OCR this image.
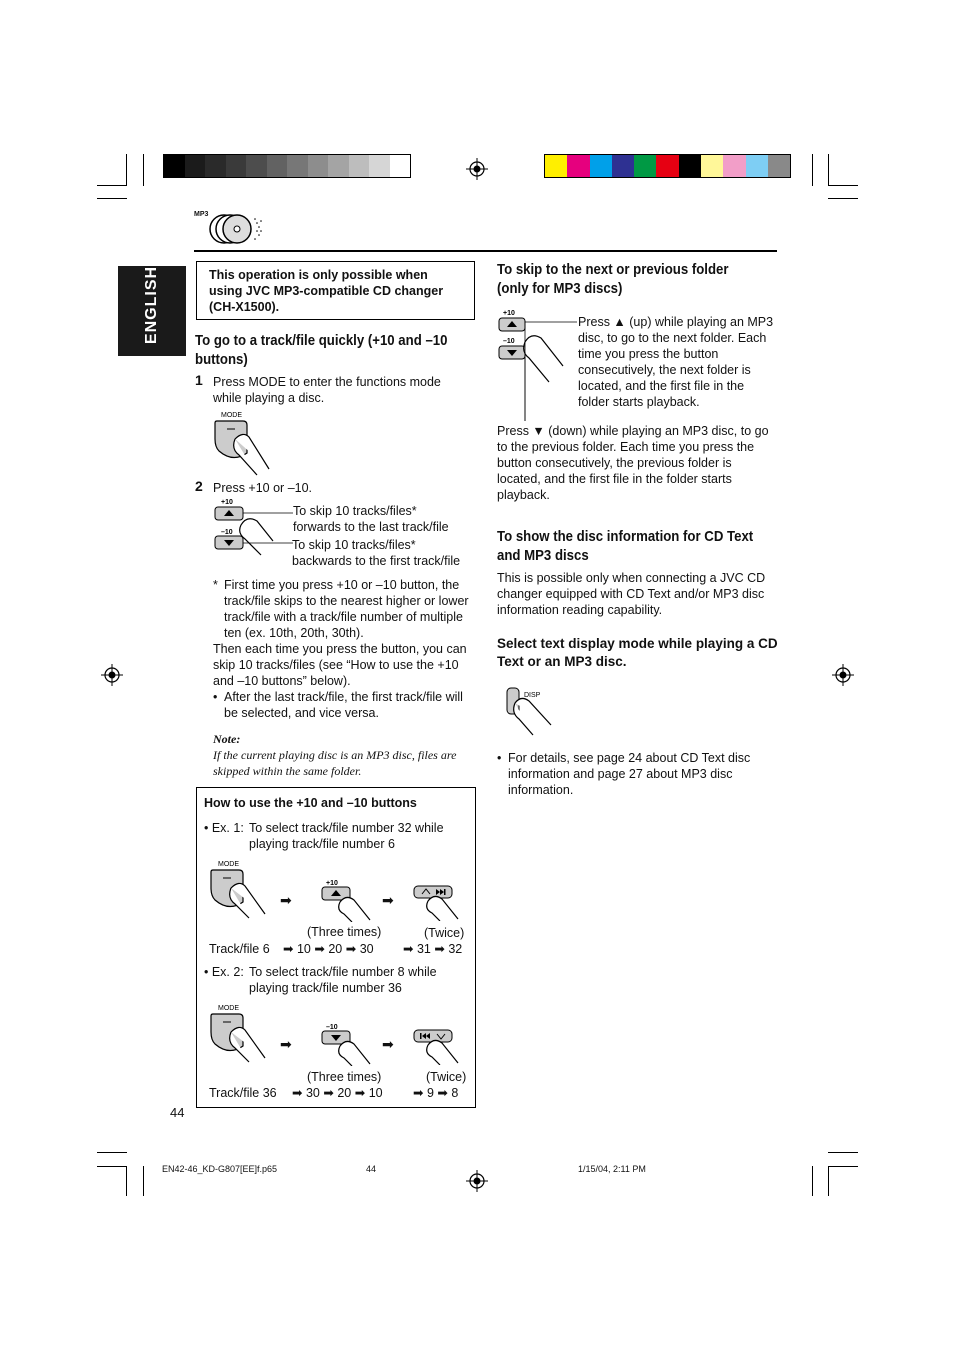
MP3
ENGLISH	This operation is only possible when using JVC MP3-compatible CD changer (CH-X1500).
To go to a track/file quickly (+10 and –10 buttons)
1 Press MODE to enter the functions mode while playing a disc.
MODE
2 Press +10 or –10.
+10
–10
To skip 10 tracks/files* forwards to the last track/file
To skip 10 tracks/files* backwards to the first track/file
* First time you press +10 or –10 button, the track/file skips to the nearest higher or lower track/file with a track/file number of multiple ten (ex. 10th, 20th, 30th).
Then each time you press the button, you can skip 10 tracks/files (see “How to use the +10 and –10 buttons” below).
• After the last track/file, the first track/file will be selected, and vice versa.
Note:
If the current playing disc is an MP3 disc, files are skipped within the same folder.
How to use the +10 and –10 buttons
• Ex. 1: To select track/file number 32 while playing track/file number 6
MODE
➡
+10
➡
(Three times)	(Twice)
Track/file 6 ➡ 10 ➡ 20 ➡ 30 ➡ 31 ➡ 32
• Ex. 2: To select track/file number 8 while playing track/file number 36
MODE
➡
–10
➡
(Three times)	(Twice)
Track/file 36 ➡ 30 ➡ 20 ➡ 10 ➡ 9 ➡ 8
To skip to the next or previous folder (only for MP3 discs)
+10
–10
Press ▲ (up) while playing an MP3 disc, to go to the next folder. Each time you press the button consecutively, the next folder is located, and the first file in the folder starts playback.
Press ▼ (down) while playing an MP3 disc, to go to the previous folder. Each time you press the button consecutively, the previous folder is located, and the first file in the folder starts playback.
To show the disc information for CD Text and MP3 discs
This is possible only when connecting a JVC CD changer equipped with CD Text and/or MP3 disc information reading capability.
Select text display mode while playing a CD Text or an MP3 disc.
DISP
• For details, see page 24 about CD Text disc information and page 27 about MP3 disc information.
44
EN42-46_KD-G807[EE]f.p65	44	1/15/04, 2:11 PM
